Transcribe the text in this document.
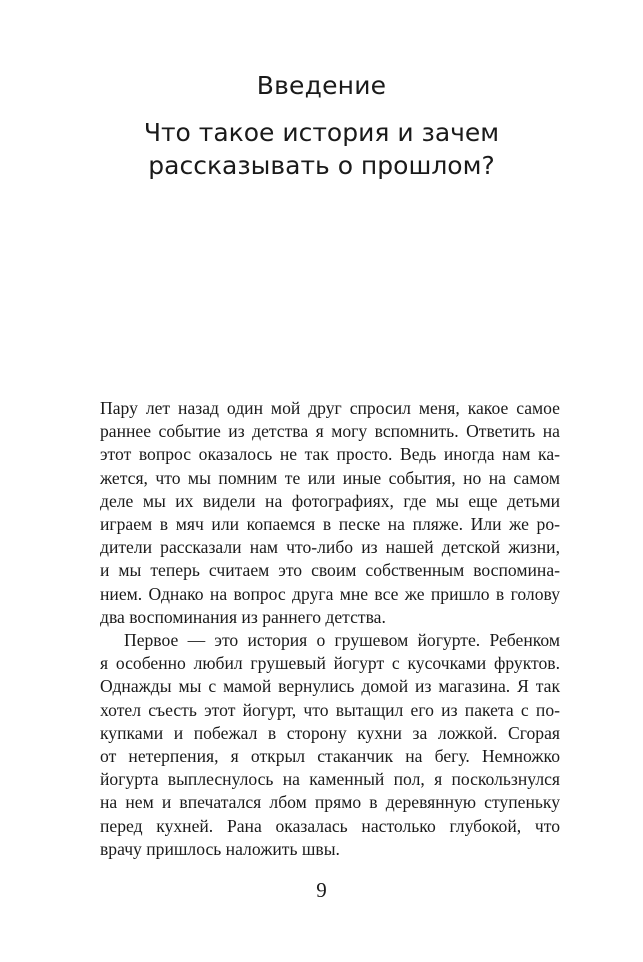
Введение
Что такое история и зачем
рассказывать о прошлом?
Пару лет назад один мой друг спросил меня, какое самое
раннее событие из детства я могу вспомнить. Ответить на
этот вопрос оказалось не так просто. Ведь иногда нам ка-
жется, что мы помним те или иные события, но на самом
деле мы их видели на фотографиях, где мы еще детьми
играем в мяч или копаемся в песке на пляже. Или же ро-
дители рассказали нам что-либо из нашей детской жизни,
и мы теперь считаем это своим собственным воспомина-
нием. Однако на вопрос друга мне все же пришло в голову
два воспоминания из раннего детства.
Первое — это история о грушевом йогурте. Ребенком
я особенно любил грушевый йогурт с кусочками фруктов.
Однажды мы с мамой вернулись домой из магазина. Я так
хотел съесть этот йогурт, что вытащил его из пакета с по-
купками и побежал в сторону кухни за ложкой. Сгорая
от нетерпения, я открыл стаканчик на бегу. Немножко
йогурта выплеснулось на каменный пол, я поскользнулся
на нем и впечатался лбом прямо в деревянную ступеньку
перед кухней. Рана оказалась настолько глубокой, что
врачу пришлось наложить швы.
9
